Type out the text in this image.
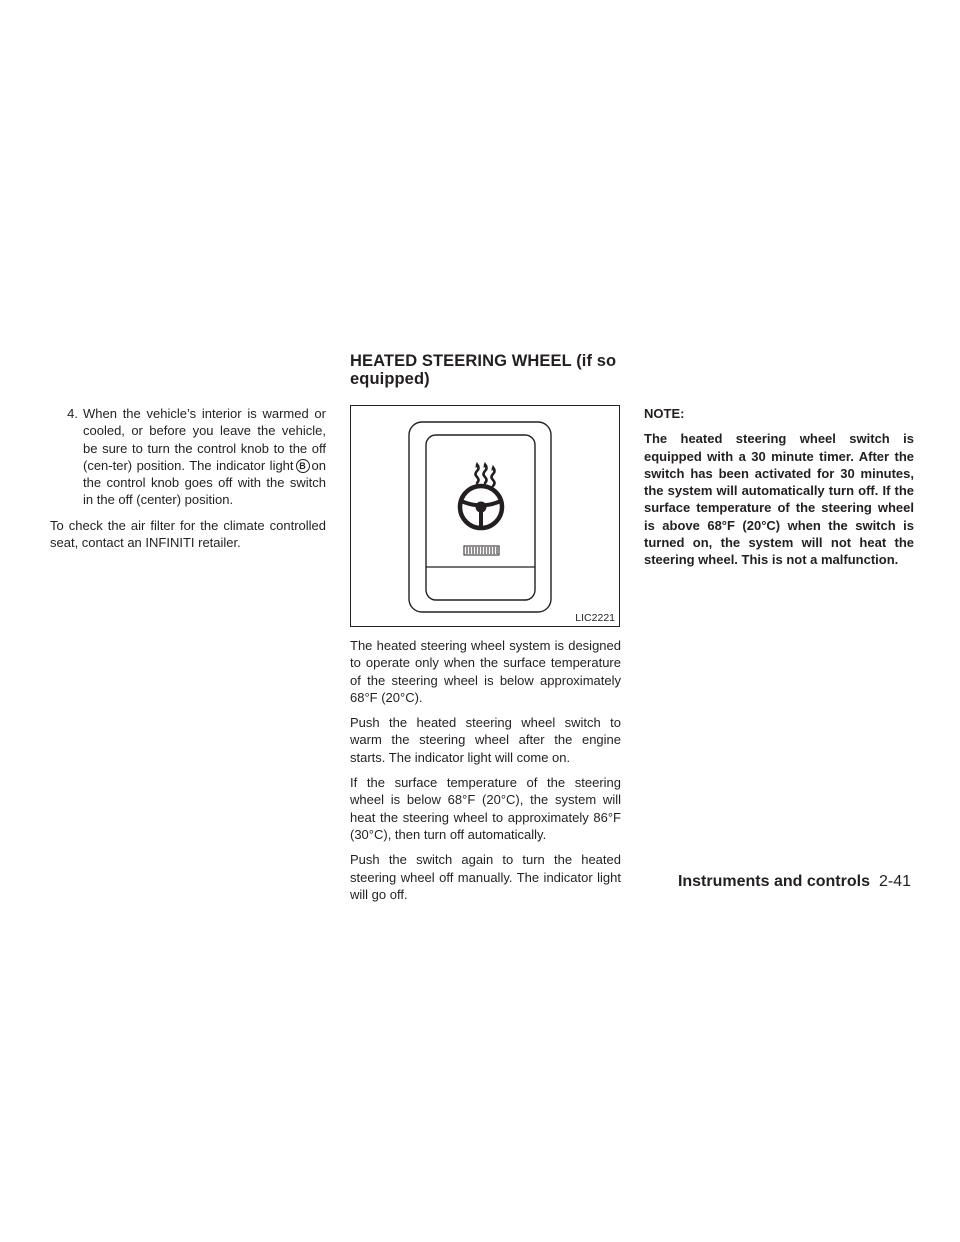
HEATED STEERING WHEEL (if so equipped)
4. When the vehicle’s interior is warmed or cooled, or before you leave the vehicle, be sure to turn the control knob to the off (cen-ter) position. The indicator light B on the control knob goes off with the switch in the off (center) position.

To check the air filter for the climate controlled seat, contact an INFINITI retailer.

LIC2221

The heated steering wheel system is designed to operate only when the surface temperature of the steering wheel is below approximately 68°F (20°C).

Push the heated steering wheel switch to warm the steering wheel after the engine starts. The indicator light will come on.

If the surface temperature of the steering wheel is below 68°F (20°C), the system will heat the steering wheel to approximately 86°F (30°C), then turn off automatically.

Push the switch again to turn the heated steering wheel off manually. The indicator light will go off.

NOTE:

The heated steering wheel switch is equipped with a 30 minute timer. After the switch has been activated for 30 minutes, the system will automatically turn off. If the surface temperature of the steering wheel is above 68°F (20°C) when the switch is turned on, the system will not heat the steering wheel. This is not a malfunction.

Instruments and controls 2-41
